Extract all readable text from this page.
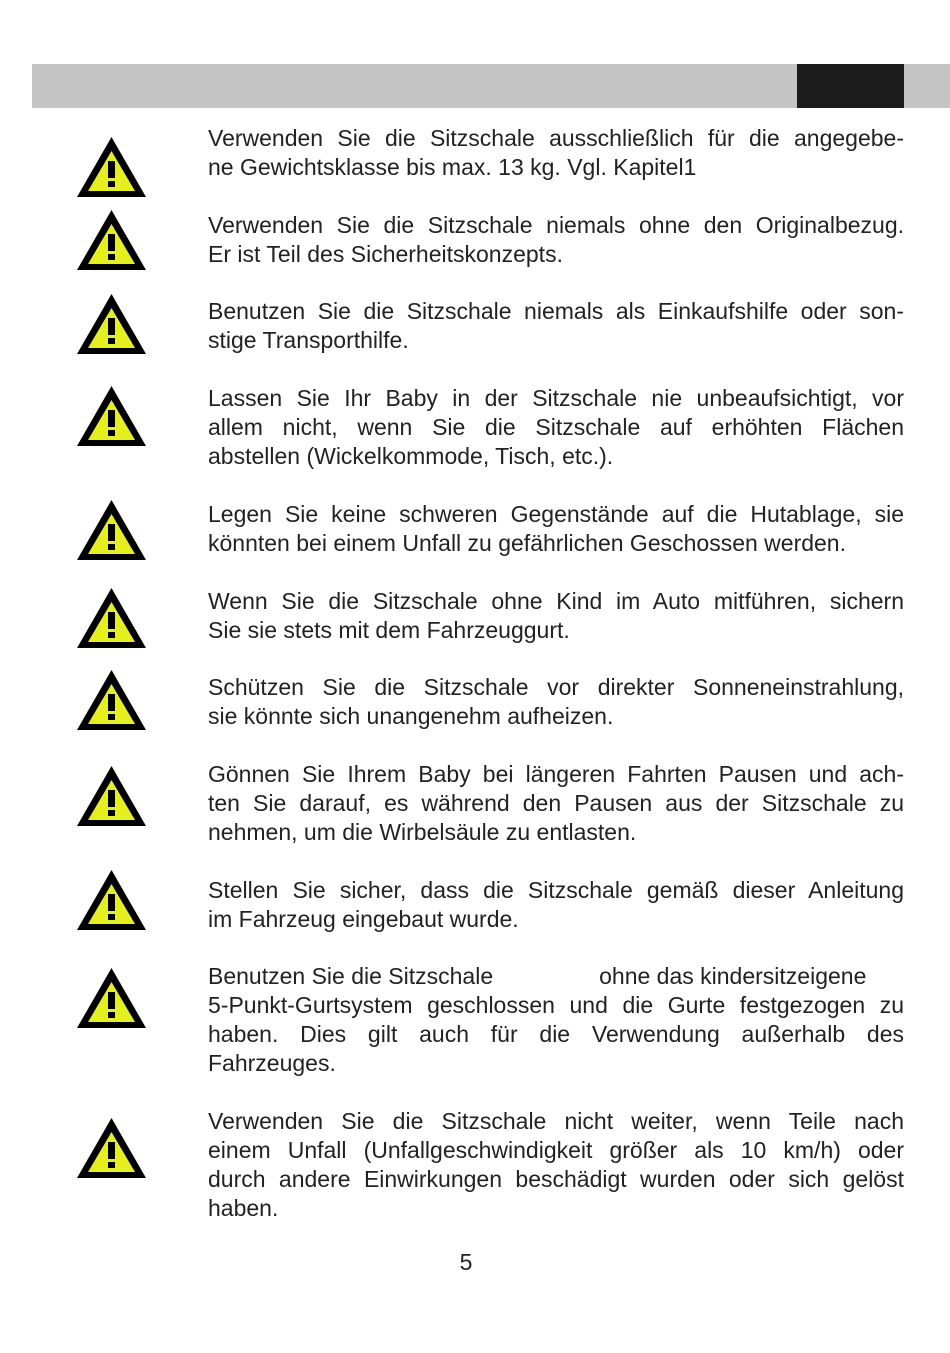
Verwenden Sie die Sitzschale ausschließlich für die angegebe-
ne Gewichtsklasse bis max. 13 kg. Vgl. Kapitel1
Verwenden Sie die Sitzschale niemals ohne den Originalbezug.
Er ist Teil des Sicherheitskonzepts.
Benutzen Sie die Sitzschale niemals als Einkaufshilfe oder son-
stige Transporthilfe.
Lassen Sie Ihr Baby in der Sitzschale nie unbeaufsichtigt, vor
allem nicht, wenn Sie die Sitzschale auf erhöhten Flächen
abstellen (Wickelkommode, Tisch, etc.).
Legen Sie keine schweren Gegenstände auf die Hutablage, sie
könnten bei einem Unfall zu gefährlichen Geschossen werden.
Wenn Sie die Sitzschale ohne Kind im Auto mitführen, sichern
Sie sie stets mit dem Fahrzeuggurt.
Schützen Sie die Sitzschale vor direkter Sonneneinstrahlung,
sie könnte sich unangenehm aufheizen.
Gönnen Sie Ihrem Baby bei längeren Fahrten Pausen und ach-
ten Sie darauf, es während den Pausen aus der Sitzschale zu
nehmen, um die Wirbelsäule zu entlasten.
Stellen Sie sicher, dass die Sitzschale gemäß dieser Anleitung
im Fahrzeug eingebaut wurde.
Benutzen Sie die Sitzschale	ohne das kindersitzeigene
5-Punkt-Gurtsystem geschlossen und die Gurte festgezogen zu
haben. Dies gilt auch für die Verwendung außerhalb des
Fahrzeuges.
Verwenden Sie die Sitzschale nicht weiter, wenn Teile nach
einem Unfall (Unfallgeschwindigkeit größer als 10 km/h) oder
durch andere Einwirkungen beschädigt wurden oder sich gelöst
haben.
5
